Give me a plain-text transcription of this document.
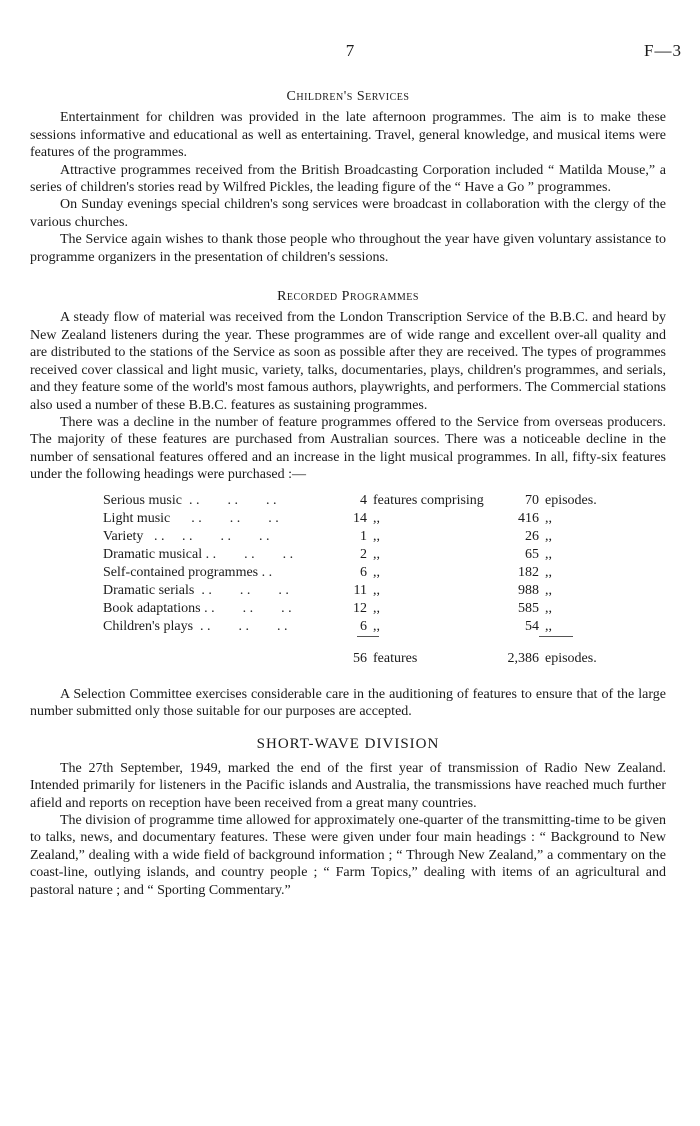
7	F—3
Children's Services

Entertainment for children was provided in the late afternoon programmes. The aim is to make these sessions informative and educational as well as entertaining. Travel, general knowledge, and musical items were features of the programmes.

Attractive programmes received from the British Broadcasting Corporation included “ Matilda Mouse,” a series of children's stories read by Wilfred Pickles, the leading figure of the “ Have a Go ” programmes.

On Sunday evenings special children's song services were broadcast in collaboration with the clergy of the various churches.

The Service again wishes to thank those people who throughout the year have given voluntary assistance to programme organizers in the presentation of children's sessions.

Recorded Programmes

A steady flow of material was received from the London Transcription Service of the B.B.C. and heard by New Zealand listeners during the year. These programmes are of wide range and excellent over-all quality and are distributed to the stations of the Service as soon as possible after they are received. The types of programmes received cover classical and light music, variety, talks, documentaries, plays, children's programmes, and serials, and they feature some of the world's most famous authors, playwrights, and performers. The Commercial stations also used a number of these B.B.C. features as sustaining programmes.

There was a decline in the number of feature programmes offered to the Service from overseas producers. The majority of these features are purchased from Australian sources. There was a noticeable decline in the number of sensational features offered and an increase in the light musical programmes. In all, fifty-six features under the following headings were purchased :—

Serious music  . .        . .        . .	4 features comprising	70 episodes.
Light music      . .        . .        . .	14 ,,	416 ,,
Variety   . .     . .        . .        . .	1 ,,	26 ,,
Dramatic musical . .        . .        . .	2 ,,	65 ,,
Self-contained programmes . .	6 ,,	182 ,,
Dramatic serials  . .        . .        . .	11 ,,	988 ,,
Book adaptations . .        . .        . .	12 ,,	585 ,,
Children's plays  . .        . .        . .	6 ,,	54 ,,
56 features	2,386 episodes.

A Selection Committee exercises considerable care in the auditioning of features to ensure that of the large number submitted only those suitable for our purposes are accepted.

SHORT-WAVE DIVISION

The 27th September, 1949, marked the end of the first year of transmission of Radio New Zealand. Intended primarily for listeners in the Pacific islands and Australia, the transmissions have reached much further afield and reports on reception have been received from a great many countries.

The division of programme time allowed for approximately one-quarter of the transmitting-time to be given to talks, news, and documentary features. These were given under four main headings : “ Background to New Zealand,” dealing with a wide field of background information ; “ Through New Zealand,” a commentary on the coast-line, outlying islands, and country people ; “ Farm Topics,” dealing with items of an agricultural and pastoral nature ; and “ Sporting Commentary.”
